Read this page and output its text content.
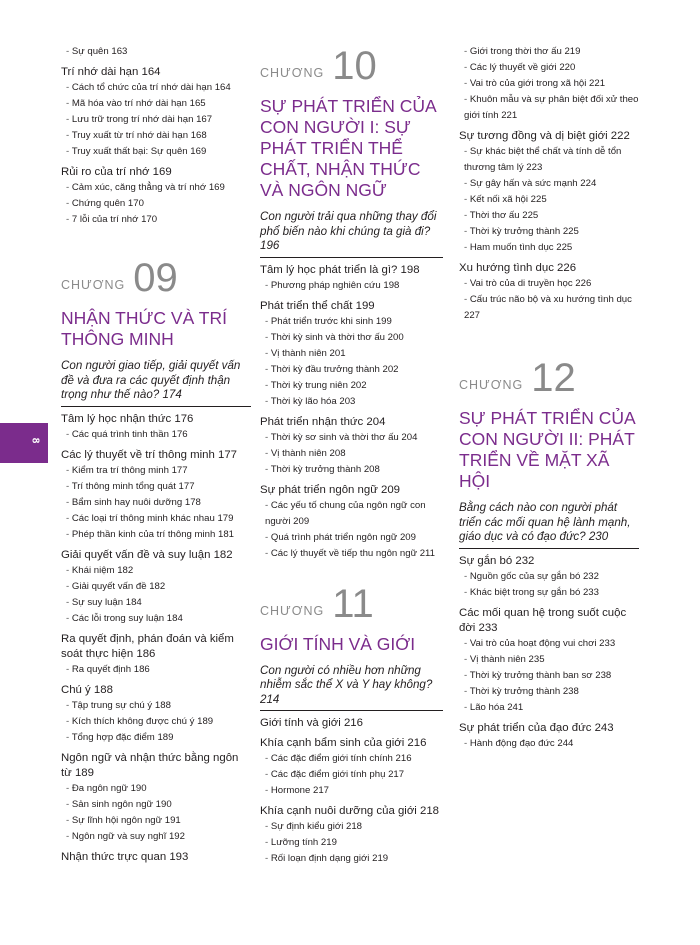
8
- Sự quên 163
Trí nhớ dài hạn 164
- Cách tổ chức của trí nhớ dài hạn 164
- Mã hóa vào trí nhớ dài hạn 165
- Lưu trữ trong trí nhớ dài hạn 167
- Truy xuất từ trí nhớ dài hạn 168
- Truy xuất thất bại: Sự quên 169
Rủi ro của trí nhớ 169
- Cảm xúc, căng thẳng và trí nhớ 169
- Chứng quên 170
- 7 lỗi của trí nhớ 170
CHƯƠNG 09
NHẬN THỨC VÀ TRÍ THÔNG MINH
Con người giao tiếp, giải quyết vấn đề và đưa ra các quyết định thận trọng như thế nào? 174
Tâm lý học nhận thức 176
- Các quá trình tinh thần 176
Các lý thuyết về trí thông minh 177
- Kiểm tra trí thông minh 177
- Trí thông minh tổng quát 177
- Bẩm sinh hay nuôi dưỡng 178
- Các loại trí thông minh khác nhau 179
- Phép thần kinh của trí thông minh 181
Giải quyết vấn đề và suy luận 182
- Khái niệm 182
- Giải quyết vấn đề 182
- Sự suy luận 184
- Các lỗi trong suy luận 184
Ra quyết định, phán đoán và kiểm soát thực hiện 186
- Ra quyết định 186
Chú ý 188
- Tập trung sự chú ý 188
- Kích thích không được chú ý 189
- Tổng hợp đặc điểm 189
Ngôn ngữ và nhận thức bằng ngôn từ 189
- Đa ngôn ngữ 190
- Sản sinh ngôn ngữ 190
- Sự lĩnh hội ngôn ngữ 191
- Ngôn ngữ và suy nghĩ 192
Nhận thức trực quan 193
CHƯƠNG 10
SỰ PHÁT TRIỂN CỦA CON NGƯỜI I: SỰ PHÁT TRIỂN THỂ CHẤT, NHẬN THỨC VÀ NGÔN NGỮ
Con người trải qua những thay đổi phổ biến nào khi chúng ta già đi? 196
Tâm lý học phát triển là gì? 198
- Phương pháp nghiên cứu 198
Phát triển thể chất 199
- Phát triển trước khi sinh 199
- Thời kỳ sinh và thời thơ ấu 200
- Vị thành niên 201
- Thời kỳ đầu trưởng thành 202
- Thời kỳ trung niên 202
- Thời kỳ lão hóa 203
Phát triển nhận thức 204
- Thời kỳ sơ sinh và thời thơ ấu 204
- Vị thành niên 208
- Thời kỳ trưởng thành 208
Sự phát triển ngôn ngữ 209
- Các yếu tố chung của ngôn ngữ con người 209
- Quá trình phát triển ngôn ngữ 209
- Các lý thuyết về tiếp thu ngôn ngữ 211
CHƯƠNG 11
GIỚI TÍNH VÀ GIỚI
Con người có nhiều hơn những nhiễm sắc thể X và Y hay không? 214
Giới tính và giới 216
Khía cạnh bẩm sinh của giới 216
- Các đặc điểm giới tính chính 216
- Các đặc điểm giới tính phụ 217
- Hormone 217
Khía cạnh nuôi dưỡng của giới 218
- Sự định kiểu giới 218
- Lưỡng tính 219
- Rối loạn định dạng giới 219
- Giới trong thời thơ ấu 219
- Các lý thuyết về giới 220
- Vai trò của giới trong xã hội 221
- Khuôn mẫu và sự phân biệt đối xử theo giới tính 221
Sự tương đồng và dị biệt giới 222
- Sự khác biệt thể chất và tính dễ tổn thương tâm lý 223
- Sự gây hấn và sức mạnh 224
- Kết nối xã hội 225
- Thời thơ ấu 225
- Thời kỳ trưởng thành 225
- Ham muốn tình dục 225
Xu hướng tình dục 226
- Vai trò của di truyền học 226
- Cấu trúc não bộ và xu hướng tình dục 227
CHƯƠNG 12
SỰ PHÁT TRIỂN CỦA CON NGƯỜI II: PHÁT TRIỂN VỀ MẶT XÃ HỘI
Bằng cách nào con người phát triển các mối quan hệ lành mạnh, giáo dục và có đạo đức? 230
Sự gắn bó 232
- Nguồn gốc của sự gắn bó 232
- Khác biệt trong sự gắn bó 233
Các mối quan hệ trong suốt cuộc đời 233
- Vai trò của hoạt động vui chơi 233
- Vị thành niên 235
- Thời kỳ trưởng thành ban sơ 238
- Thời kỳ trưởng thành 238
- Lão hóa 241
Sự phát triển của đạo đức 243
- Hành động đạo đức 244
